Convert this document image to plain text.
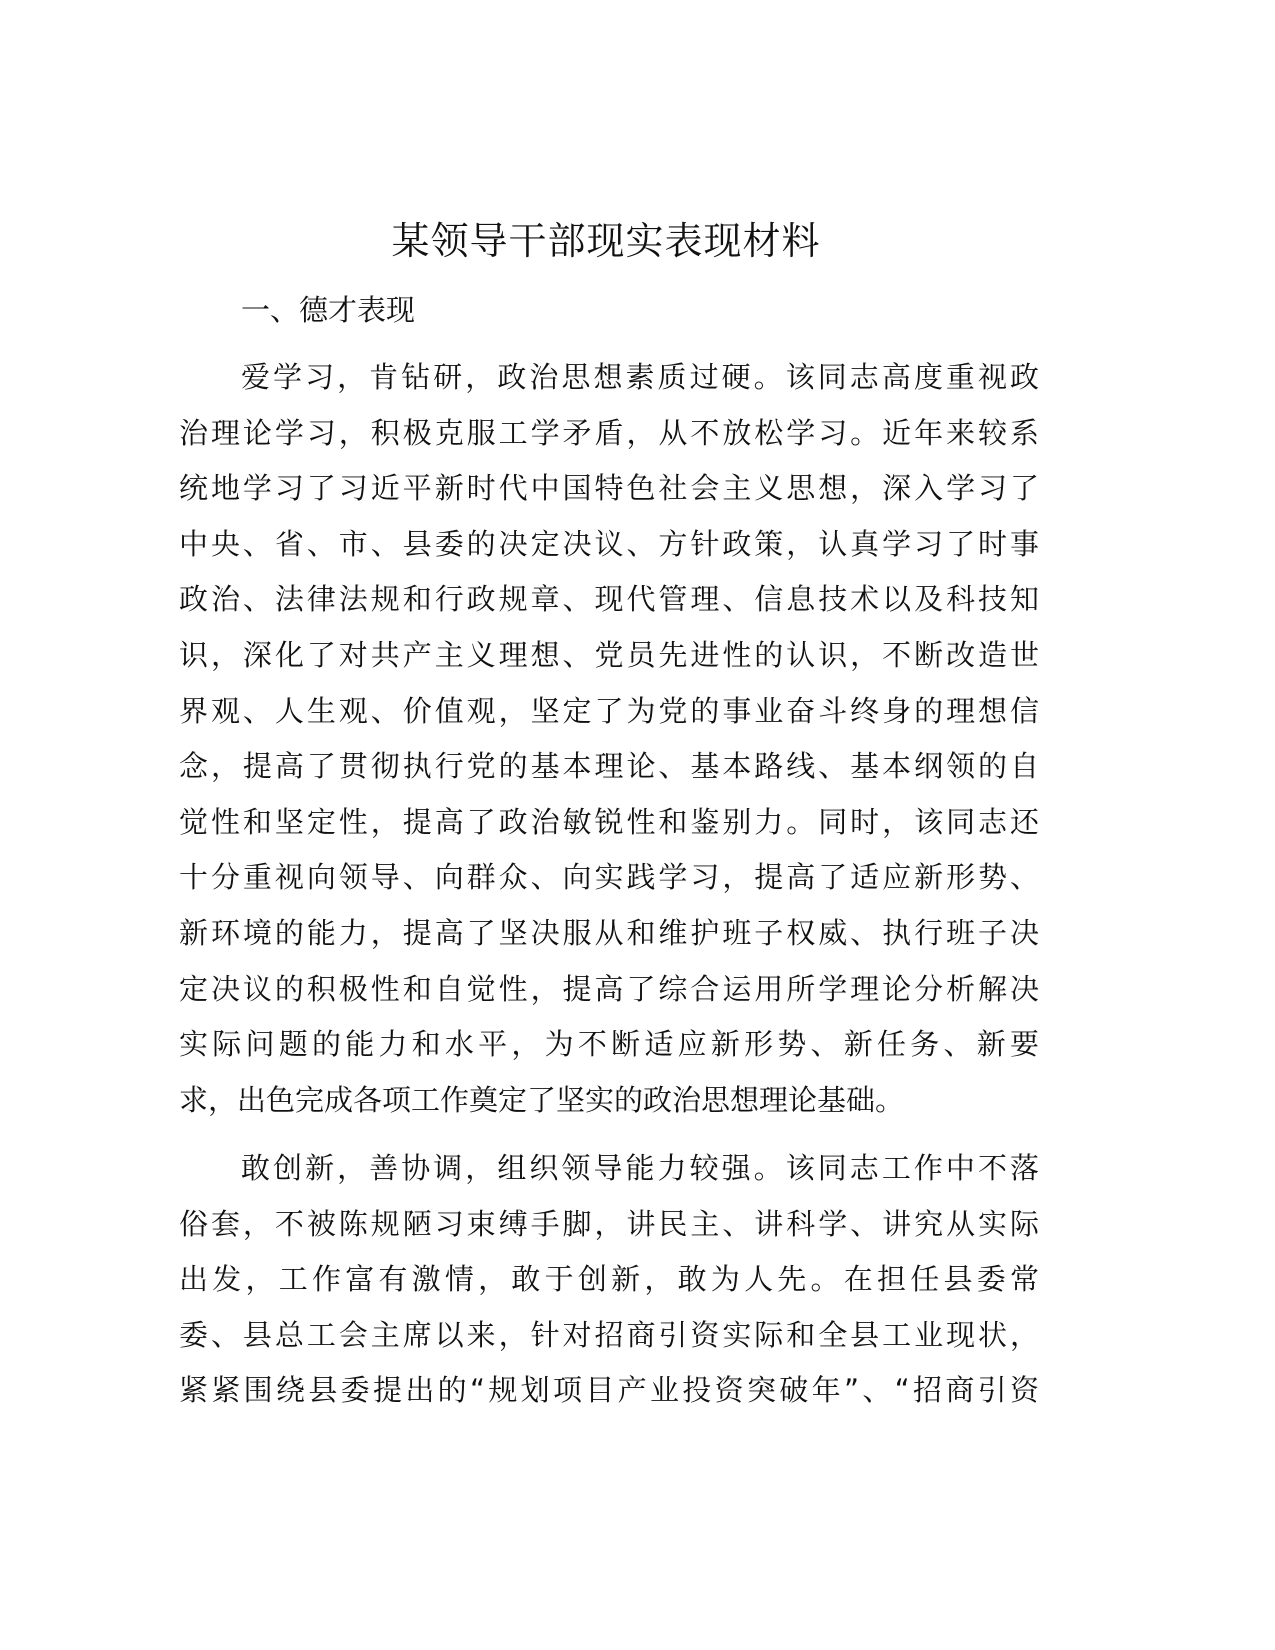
某领导干部现实表现材料
一、德才表现
爱学习，肯钻研，政治思想素质过硬。该同志高度重视政
治理论学习，积极克服工学矛盾，从不放松学习。近年来较系
统地学习了习近平新时代中国特色社会主义思想，深入学习了
中央、省、市、县委的决定决议、方针政策，认真学习了时事
政治、法律法规和行政规章、现代管理、信息技术以及科技知
识，深化了对共产主义理想、党员先进性的认识，不断改造世
界观、人生观、价值观，坚定了为党的事业奋斗终身的理想信
念，提高了贯彻执行党的基本理论、基本路线、基本纲领的自
觉性和坚定性，提高了政治敏锐性和鉴别力。同时，该同志还
十分重视向领导、向群众、向实践学习，提高了适应新形势、
新环境的能力，提高了坚决服从和维护班子权威、执行班子决
定决议的积极性和自觉性，提高了综合运用所学理论分析解决
实际问题的能力和水平，为不断适应新形势、新任务、新要
求，出色完成各项工作奠定了坚实的政治思想理论基础。
敢创新，善协调，组织领导能力较强。该同志工作中不落
俗套，不被陈规陋习束缚手脚，讲民主、讲科学、讲究从实际
出发，工作富有激情，敢于创新，敢为人先。在担任县委常
委、县总工会主席以来，针对招商引资实际和全县工业现状，
紧紧围绕县委提出的“规划项目产业投资突破年”、“招商引资
